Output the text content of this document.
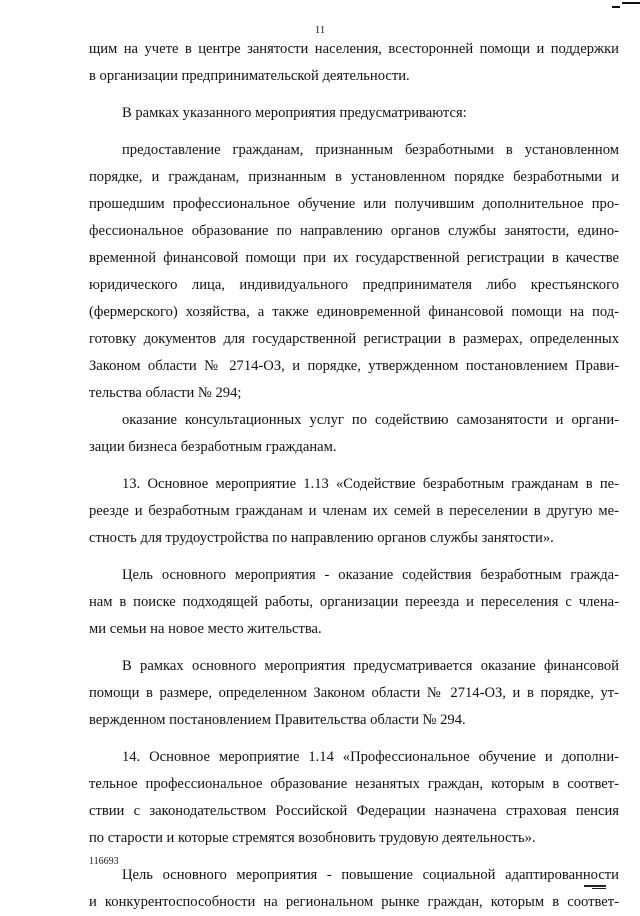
11
щим на учете в центре занятости населения, всесторонней помощи и поддержки
в организации предпринимательской деятельности.
В рамках указанного мероприятия предусматриваются:
предоставление гражданам, признанным безработными в установленном
порядке, и гражданам, признанным в установленном порядке безработными и
прошедшим профессиональное обучение или получившим дополнительное про-
фессиональное образование по направлению органов службы занятости, едино-
временной финансовой помощи при их государственной регистрации в качестве
юридического лица, индивидуального предпринимателя либо крестьянского
(фермерского) хозяйства, а также единовременной финансовой помощи на под-
готовку документов для государственной регистрации в размерах, определенных
Законом области № 2714-ОЗ, и порядке, утвержденном постановлением Прави-
тельства области № 294;
оказание консультационных услуг по содействию самозанятости и органи-
зации бизнеса безработным гражданам.
13. Основное мероприятие 1.13 «Содействие безработным гражданам в пе-
реезде и безработным гражданам и членам их семей в переселении в другую ме-
стность для трудоустройства по направлению органов службы занятости».
Цель основного мероприятия - оказание содействия безработным гражда-
нам в поиске подходящей работы, организации переезда и переселения с члена-
ми семьи на новое место жительства.
В рамках основного мероприятия предусматривается оказание финансовой
помощи в размере, определенном Законом области № 2714-ОЗ, и в порядке, ут-
вержденном постановлением Правительства области № 294.
14. Основное мероприятие 1.14 «Профессиональное обучение и дополни-
тельное профессиональное образование незанятых граждан, которым в соответ-
ствии с законодательством Российской Федерации назначена страховая пенсия
по старости и которые стремятся возобновить трудовую деятельность».
Цель основного мероприятия - повышение социальной адаптированности
и конкурентоспособности на региональном рынке граждан, которым в соответ-
116693
